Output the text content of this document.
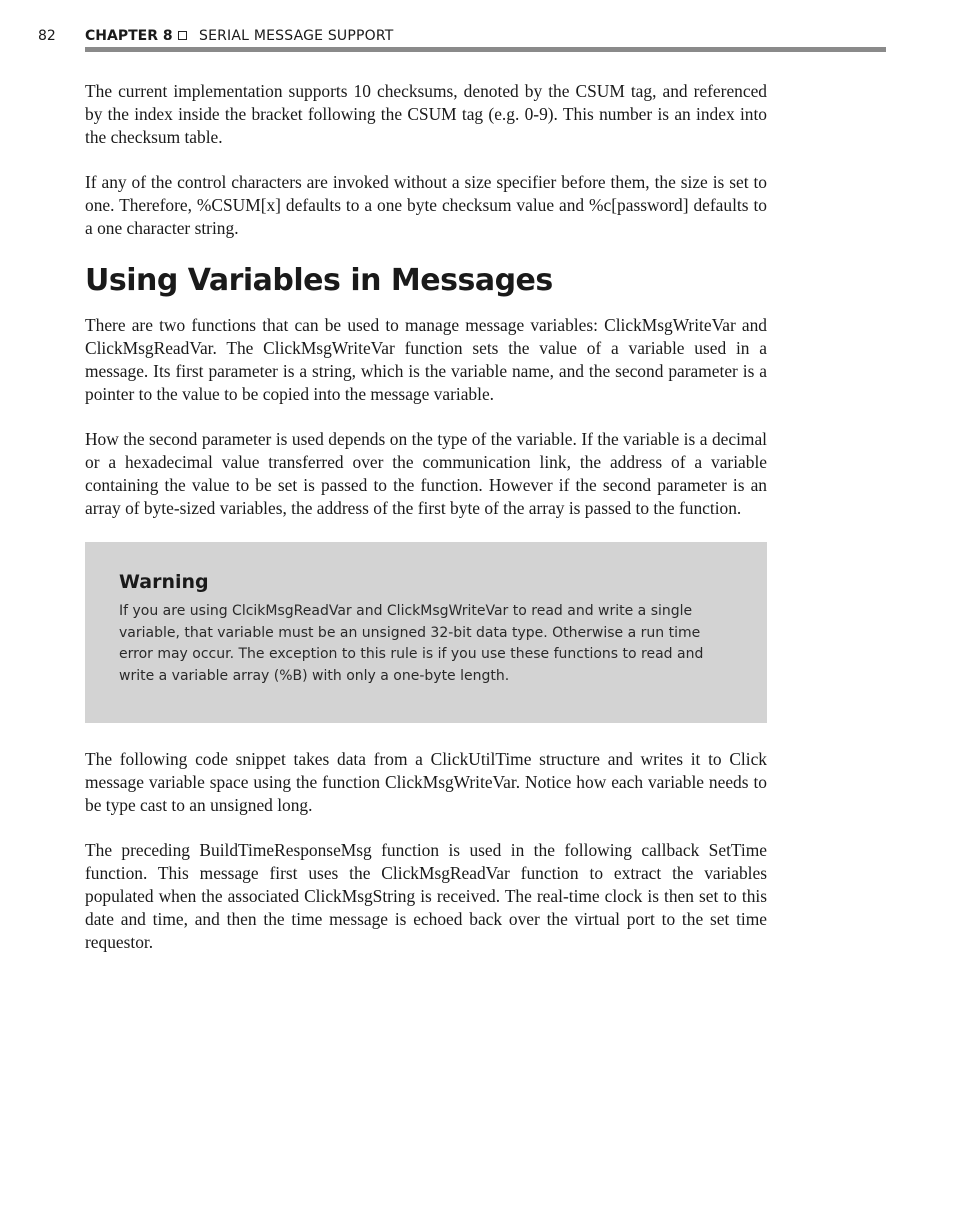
82 CHAPTER 8 SERIAL MESSAGE SUPPORT

The current implementation supports 10 checksums, denoted by the CSUM tag, and referenced by the index inside the bracket following the CSUM tag (e.g. 0-9). This number is an index into the checksum table.

If any of the control characters are invoked without a size specifier before them, the size is set to one. Therefore, %CSUM[x] defaults to a one byte checksum value and %c[password] defaults to a one character string.

Using Variables in Messages

There are two functions that can be used to manage message variables: ClickMsgWriteVar and ClickMsgReadVar. The ClickMsgWriteVar function sets the value of a variable used in a message. Its first parameter is a string, which is the variable name, and the second parameter is a pointer to the value to be copied into the message variable.

How the second parameter is used depends on the type of the variable. If the variable is a decimal or a hexadecimal value transferred over the communication link, the address of a variable containing the value to be set is passed to the function. However if the second parameter is an array of byte-sized variables, the address of the first byte of the array is passed to the function.

Warning

If you are using ClcikMsgReadVar and ClickMsgWriteVar to read and write a single variable, that variable must be an unsigned 32-bit data type. Otherwise a run time error may occur. The exception to this rule is if you use these functions to read and write a variable array (%B) with only a one-byte length.

The following code snippet takes data from a ClickUtilTime structure and writes it to Click message variable space using the function ClickMsgWriteVar. Notice how each variable needs to be type cast to an unsigned long.

The preceding BuildTimeResponseMsg function is used in the following callback SetTime function. This message first uses the ClickMsgReadVar function to extract the variables populated when the associated ClickMsgString is received. The real-time clock is then set to this date and time, and then the time message is echoed back over the virtual port to the set time requestor.
